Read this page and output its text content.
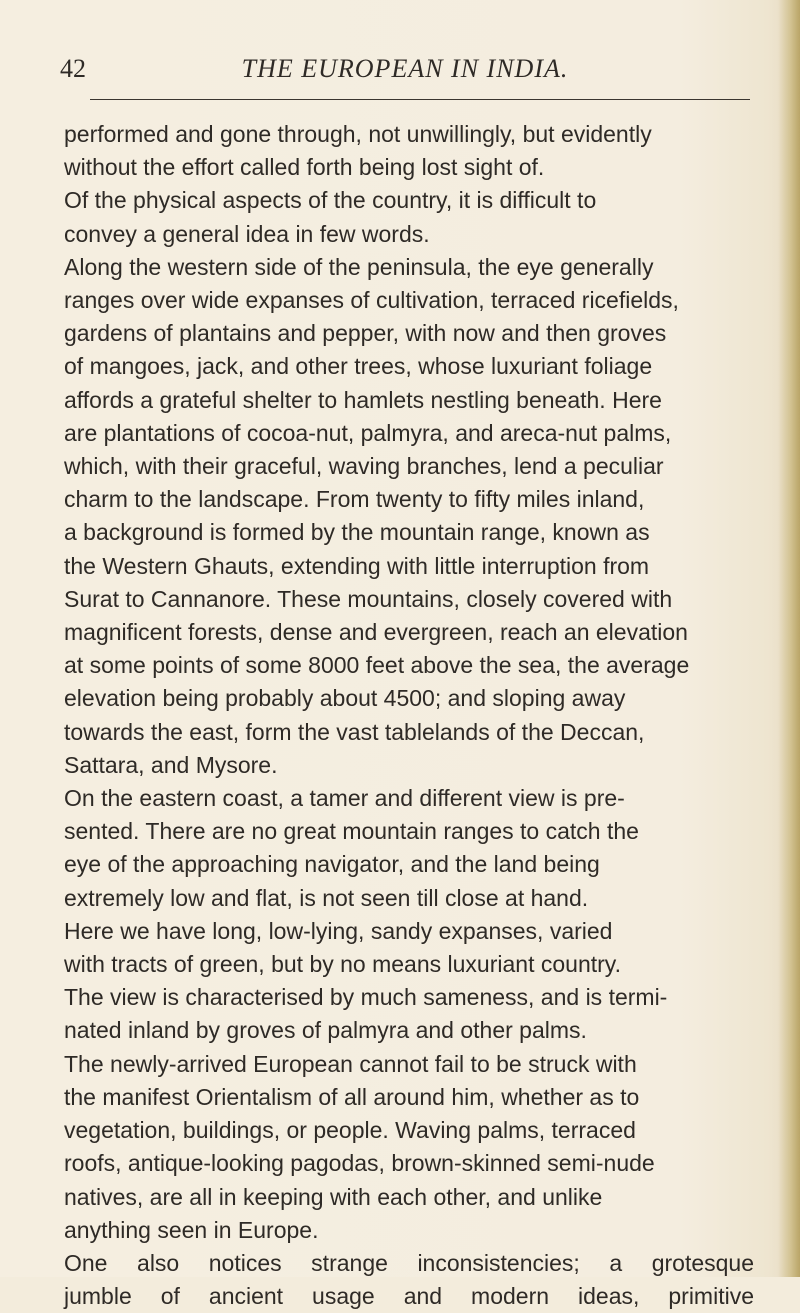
42	THE EUROPEAN IN INDIA.

performed and gone through, not unwillingly, but evidently
without the effort called forth being lost sight of.

Of the physical aspects of the country, it is difficult to
convey a general idea in few words.

Along the western side of the peninsula, the eye generally
ranges over wide expanses of cultivation, terraced ricefields,
gardens of plantains and pepper, with now and then groves
of mangoes, jack, and other trees, whose luxuriant foliage
affords a grateful shelter to hamlets nestling beneath. Here
are plantations of cocoa-nut, palmyra, and areca-nut palms,
which, with their graceful, waving branches, lend a peculiar
charm to the landscape. From twenty to fifty miles inland,
a background is formed by the mountain range, known as
the Western Ghauts, extending with little interruption from
Surat to Cannanore. These mountains, closely covered with
magnificent forests, dense and evergreen, reach an elevation
at some points of some 8000 feet above the sea, the average
elevation being probably about 4500; and sloping away
towards the east, form the vast tablelands of the Deccan,
Sattara, and Mysore.

On the eastern coast, a tamer and different view is pre-
sented. There are no great mountain ranges to catch the
eye of the approaching navigator, and the land being
extremely low and flat, is not seen till close at hand.
Here we have long, low-lying, sandy expanses, varied
with tracts of green, but by no means luxuriant country.
The view is characterised by much sameness, and is termi-
nated inland by groves of palmyra and other palms.

The newly-arrived European cannot fail to be struck with
the manifest Orientalism of all around him, whether as to
vegetation, buildings, or people. Waving palms, terraced
roofs, antique-looking pagodas, brown-skinned semi-nude
natives, are all in keeping with each other, and unlike
anything seen in Europe.

One also notices strange inconsistencies; a grotesque
jumble of ancient usage and modern ideas, primitive
